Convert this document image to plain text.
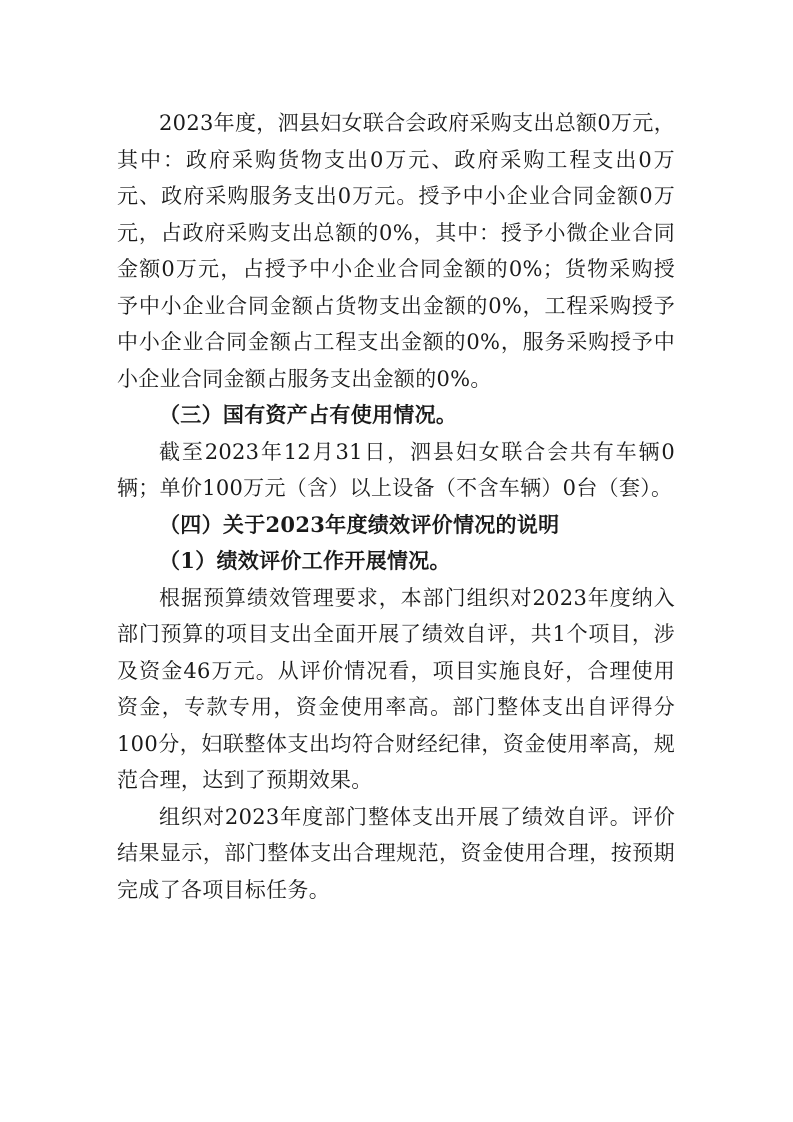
2023年度，泗县妇女联合会政府采购支出总额0万元，其中：政府采购货物支出0万元、政府采购工程支出0万元、政府采购服务支出0万元。授予中小企业合同金额0万元，占政府采购支出总额的0%，其中：授予小微企业合同金额0万元，占授予中小企业合同金额的0%；货物采购授予中小企业合同金额占货物支出金额的0%，工程采购授予中小企业合同金额占工程支出金额的0%，服务采购授予中小企业合同金额占服务支出金额的0%。

（三）国有资产占有使用情况。

截至2023年12月31日，泗县妇女联合会共有车辆0辆；单价100万元（含）以上设备（不含车辆）0台（套）。

（四）关于2023年度绩效评价情况的说明

（1）绩效评价工作开展情况。

根据预算绩效管理要求，本部门组织对2023年度纳入部门预算的项目支出全面开展了绩效自评，共1个项目，涉及资金46万元。从评价情况看，项目实施良好，合理使用资金，专款专用，资金使用率高。部门整体支出自评得分100分，妇联整体支出均符合财经纪律，资金使用率高，规范合理，达到了预期效果。

组织对2023年度部门整体支出开展了绩效自评。评价结果显示，部门整体支出合理规范，资金使用合理，按预期完成了各项目标任务。
